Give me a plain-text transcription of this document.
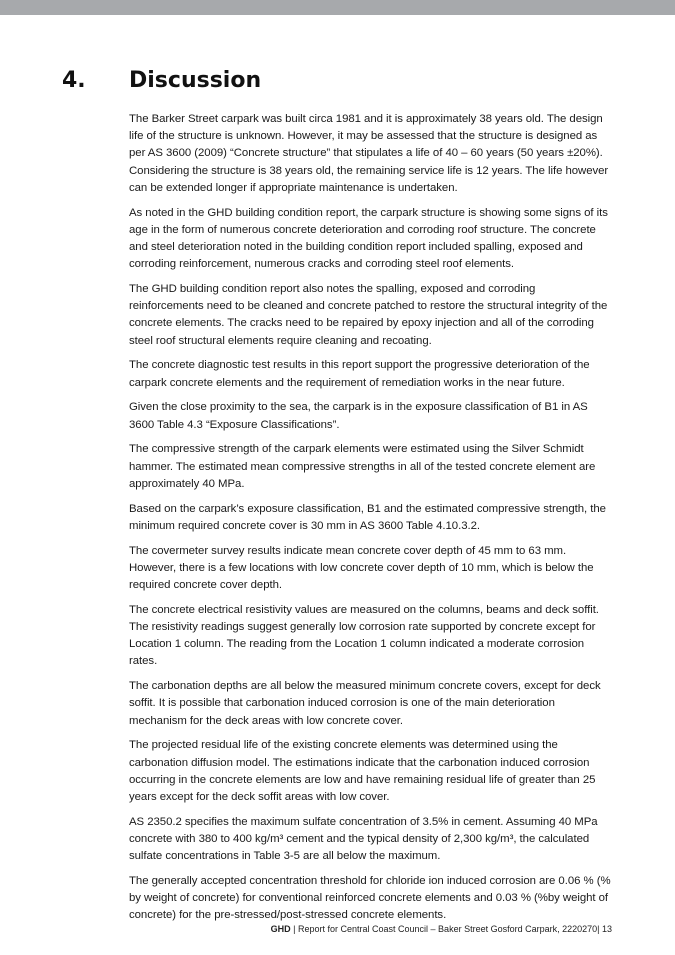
4. Discussion

The Barker Street carpark was built circa 1981 and it is approximately 38 years old. The design life of the structure is unknown. However, it may be assessed that the structure is designed as per AS 3600 (2009) “Concrete structure” that stipulates a life of 40 – 60 years (50 years ±20%). Considering the structure is 38 years old, the remaining service life is 12 years. The life however can be extended longer if appropriate maintenance is undertaken.

As noted in the GHD building condition report, the carpark structure is showing some signs of its age in the form of numerous concrete deterioration and corroding roof structure. The concrete and steel deterioration noted in the building condition report included spalling, exposed and corroding reinforcement, numerous cracks and corroding steel roof elements.

The GHD building condition report also notes the spalling, exposed and corroding reinforcements need to be cleaned and concrete patched to restore the structural integrity of the concrete elements. The cracks need to be repaired by epoxy injection and all of the corroding steel roof structural elements require cleaning and recoating.

The concrete diagnostic test results in this report support the progressive deterioration of the carpark concrete elements and the requirement of remediation works in the near future.

Given the close proximity to the sea, the carpark is in the exposure classification of B1 in AS 3600 Table 4.3 “Exposure Classifications”.

The compressive strength of the carpark elements were estimated using the Silver Schmidt hammer. The estimated mean compressive strengths in all of the tested concrete element are approximately 40 MPa.

Based on the carpark’s exposure classification, B1 and the estimated compressive strength, the minimum required concrete cover is 30 mm in AS 3600 Table 4.10.3.2.

The covermeter survey results indicate mean concrete cover depth of 45 mm to 63 mm. However, there is a few locations with low concrete cover depth of 10 mm, which is below the required concrete cover depth.

The concrete electrical resistivity values are measured on the columns, beams and deck soffit. The resistivity readings suggest generally low corrosion rate supported by concrete except for Location 1 column. The reading from the Location 1 column indicated a moderate corrosion rates.

The carbonation depths are all below the measured minimum concrete covers, except for deck soffit. It is possible that carbonation induced corrosion is one of the main deterioration mechanism for the deck areas with low concrete cover.

The projected residual life of the existing concrete elements was determined using the carbonation diffusion model. The estimations indicate that the carbonation induced corrosion occurring in the concrete elements are low and have remaining residual life of greater than 25 years except for the deck soffit areas with low cover.

AS 2350.2 specifies the maximum sulfate concentration of 3.5% in cement. Assuming 40 MPa concrete with 380 to 400 kg/m³ cement and the typical density of 2,300 kg/m³, the calculated sulfate concentrations in Table 3-5 are all below the maximum.

The generally accepted concentration threshold for chloride ion induced corrosion are 0.06 % (% by weight of concrete) for conventional reinforced concrete elements and 0.03 % (%by weight of concrete) for the pre-stressed/post-stressed concrete elements.

GHD | Report for Central Coast Council – Baker Street Gosford Carpark, 2220270| 13
